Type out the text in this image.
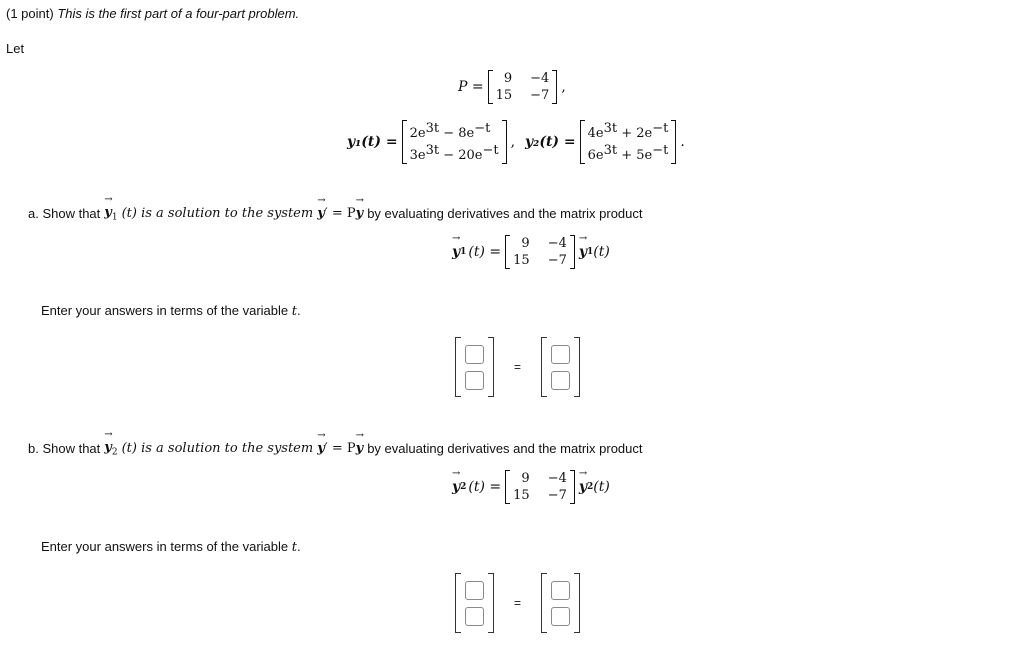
(1 point) This is the first part of a four-part problem.
Let
P =
9 −4
15 −7
,
y₁(t) =
2e3t − 8e−t
3e3t − 20e−t
, y₂(t) =
4e3t + 2e−t
6e3t + 5e−t
.
a. Show that → $y_1$ (t) is a solution to the system → y′ = P→ y by evaluating derivatives and the matrix product
→ y 1 (t) =
9 −4
15 −7
→ y 1 (t)
Enter your answers in terms of the variable t.
=
b. Show that → $y_2$ (t) is a solution to the system → y′ = P→ y by evaluating derivatives and the matrix product
→ y 2 (t) =
9 −4
15 −7
→ y 2 (t)
Enter your answers in terms of the variable t.
=
